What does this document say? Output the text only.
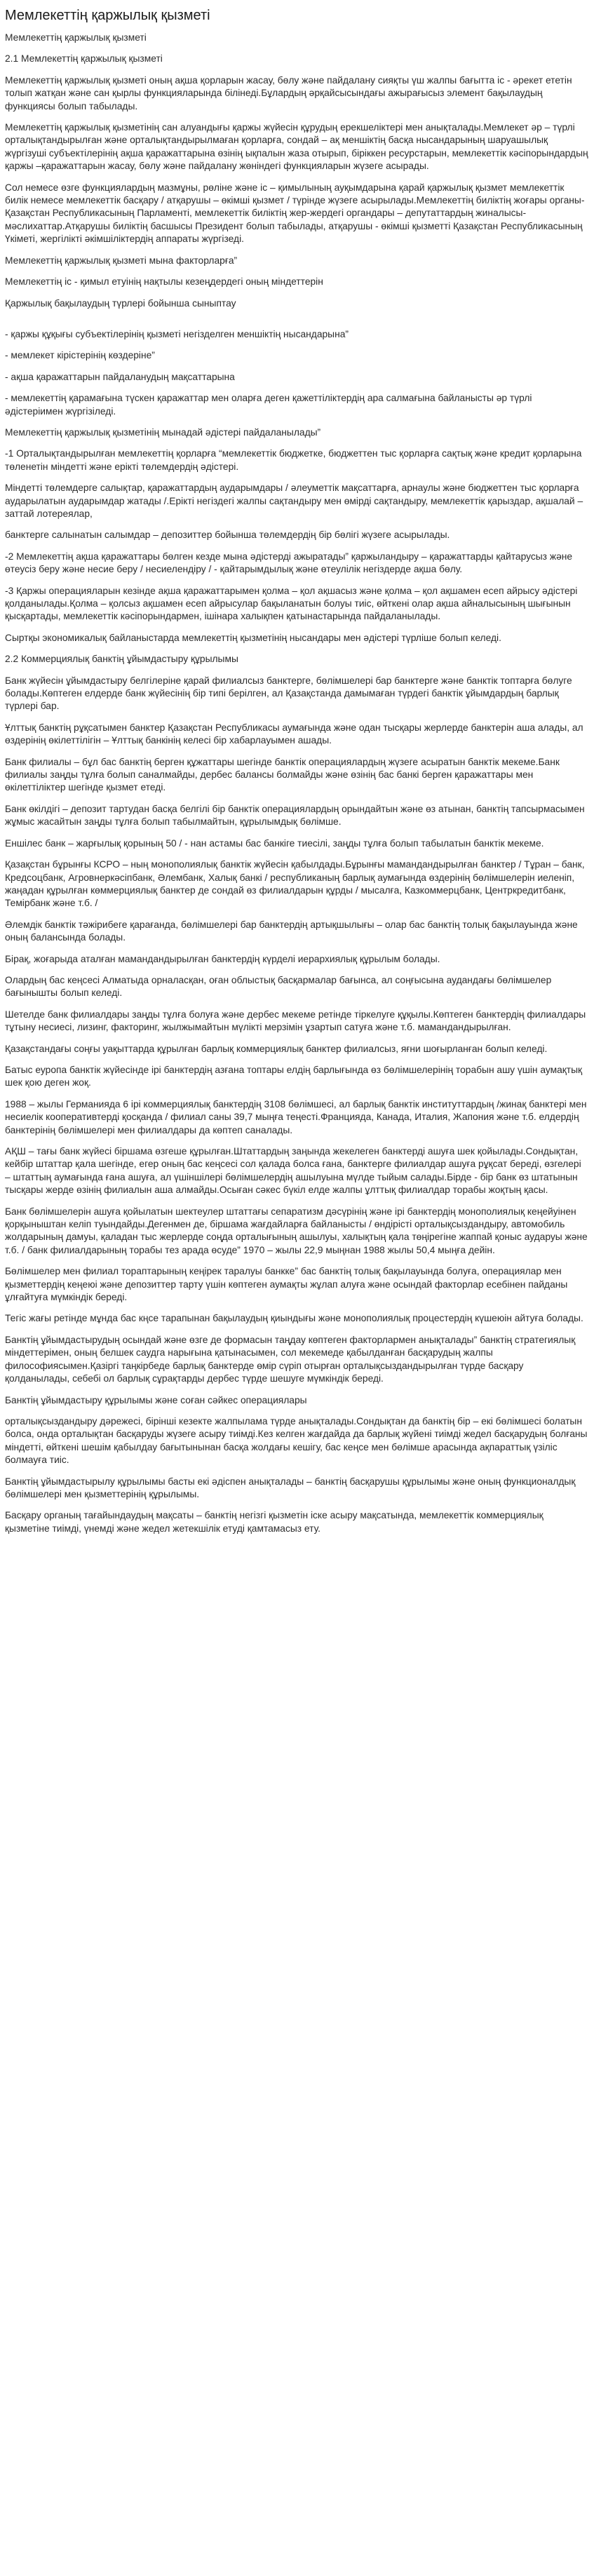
Мемлекеттің қаржылық қызметі

Мемлекеттің қаржылық қызметі

2.1 Мемлекеттің қаржылық қызметі

Мемлекеттің қаржылық қызметі оның ақша қорларын жасау, бөлу және пайдалану сияқты үш жалпы бағытта іс - әрекет ететін толып жатқан және сан қырлы функцияларында білінеді.Бұлардың әрқайсысындағы ажырағысыз элемент бақылаудың функциясы болып табылады.

Мемлекеттің қаржылық қызметінің сан алуандығы қаржы жүйесін құрудың ерекшеліктері мен анықталады.Мемлекет әр – түрлі орталықтандырылған және орталықтандырылмаған қорларға, сондай – ақ меншіктің басқа нысандарының шаруашылық жүргізуші субъектілерінің ақша қаражаттарына өзінің ықпалын жаза отырып, біріккен ресурстарын, мемлекеттік кәсіпорындардың қаржы –қаражаттарын жасау, бөлу және пайдалану жөніндегі функцияларын жүзеге асырады.

Сол немесе өзге функциялардың мазмұны, рөліне және іс – қимылының ауқымдарына қарай қаржылық қызмет мемлекеттік билік немесе мемлекеттік басқару / атқарушы – өкімші қызмет / түрінде жүзеге асырылады.Мемлекеттің биліктің жоғары органы-Қазақстан Республикасының Парламенті, мемлекеттік биліктің жер-жердегі органдары – депутаттардың жиналысы-мәслихаттар.Атқарушы биліктің басшысы Президент болып табылады, атқарушы - өкімші қызметті Қазақстан Республикасының Үкіметі, жергілікті әкімшіліктердің аппараты жүргізеді.

Мемлекеттің қаржылық қызметі мына факторларға”

Мемлекеттің іс - қимыл етуінің нақтылы кезеңдердегі оның міндеттерін

Қаржылық бақылаудың түрлері бойынша сыныптау

- қаржы құқығы субъектілерінің қызметі негізделген меншіктің нысандарына”

- мемлекет кірістерінің көздеріне”

- ақша қаражаттарын пайдаланудың мақсаттарына

- мемлекеттің қарамағына түскен қаражаттар мен оларға деген қажеттіліктердің ара салмағына байланысты әр түрлі әдістеріимен жүргізіледі.

Мемлекеттің қаржылық қызметінің мынадай әдістері пайдаланылады”

-1 Орталықтандырылған мемлекеттің қорларға “мемлекеттік бюджетке, бюджеттен тыс қорларға сақтық және кредит қорларына төленетін міндетті және ерікті төлемдердің әдістері.

Міндетті төлемдерге салықтар, қаражаттардың аударымдары / әлеуметтік мақсаттарға, арнаулы және бюджеттен тыс қорларға аударылатын аударымдар жатады /.Ерікті негіздегі жалпы сақтандыру мен өмірді сақтандыру, мемлекеттік қарыздар, ақшалай – заттай лотереялар,

банктерге салынатын салымдар – депозиттер бойынша төлемдердің бір бөлігі жүзеге асырылады.

-2 Мемлекеттің ақша қаражаттары бөлген кезде мына әдістерді ажыратады” қаржыландыру – қаражаттарды қайтарусыз және өтеусіз беру және несие беру / несиелендіру / - қайтарымдылық және өтеулілік негіздерде ақша бөлу.

-3 Қаржы операцияларын кезінде ақша қаражаттарымен қолма – қол ақшасыз және қолма – қол ақшамен есеп айрысу әдістері қолданылады.Қолма – қолсыз ақшамен есеп айрысулар бақыланатын болуы тиіс, өйткені олар ақша айналысының шығынын қысқартады, мемлекеттік кәсіпорындармен, ішінара халықпен қатынастарында пайдаланылады.

Сыртқы экономикалық байланыстарда мемлекеттің қызметінің нысандары мен әдістері түрліше болып келеді.

2.2 Коммерциялық банктің ұйымдастыру құрылымы

Банк жүйесін ұйымдастыру белгілеріне қарай филиалсыз банктерге, бөлімшелері бар банктерге және банктік топтарға бөлуге болады.Көптеген елдерде банк жүйесінің бір типі берілген, ал Қазақстанда дамымаған түрдегі банктік ұйымдардың барлық түрлері бар.

Ұлттық банктің рұқсатымен банктер Қазақстан Республикасы аумағында және одан тысқары жерлерде банктерін аша алады, ал өздерінің өкілеттілігін – Ұлттық банкінің келесі бір хабарлауымен ашады.

Банк филиалы – бұл бас банктің берген құжаттары шегінде банктік операциялардың жүзеге асыратын банктік мекеме.Банк филиалы заңды тұлға болып саналмайды, дербес балансы болмайды және өзінің бас банкі берген қаражаттары мен өкілеттіліктер шегінде қызмет етеді.

Банк өкілдігі – депозит тартудан басқа белгілі бір банктік операциялардың орындайтын және өз атынан, банктің тапсырмасымен жұмыс жасайтын заңды тұлға болып табылмайтын, құрылымдық бөлімше.

Еншілес банк – жарғылық қорының 50 / - нан астамы бас банкіге тиесілі, заңды тұлға болып табылатын банктік мекеме.

Қазақстан бұрынғы КСРО – ның монополиялық банктік жүйесін қабылдады.Бұрынғы мамандандырылған банктер / Тұран – банк, Кредсоцбанк, Агровнеркәсіпбанк, Әлембанк, Халық банкі / республиканың барлық аумағында өздерінің бөлімшелерін иеленіп, жаңадан құрылған көммерциялық банктер де сондай өз филиалдарын құрды / мысалға, Казкоммерцбанк, Центркредитбанк, Темірбанк және т.б. /

Әлемдік банктік тәжірибеге қарағанда, бөлімшелері бар банктердің артықшылығы – олар бас банктің толық бақылауында және оның балансында болады.

Бірақ, жоғарыда аталған мамандандырылған банктердің күрделі иерархиялық құрылым болады.

Олардың бас кеңсесі Алматыда орналасқан, оған облыстық басқармалар бағынса, ал соңғысына аудандағы бөлімшелер бағынышты болып келеді.

Шетелде банк филиалдары заңды тұлға болуға және дербес мекеме ретінде тіркелуге құқылы.Көптеген банктердің филиалдары тұтыну несиесі, лизинг, факторинг, жылжымайтын мүлікті мерзімін ұзартып сатуға және т.б. мамандандырылған.

Қазақстандағы соңғы уақыттарда құрылған барлық коммерциялық банктер филиалсыз, яғни шоғырланған болып келеді.

Батыс еуропа банктік жүйесінде ірі банктердің азғана топтары елдің барлығында өз бөлімшелерінің торабын ашу үшін аумақтық шек қою деген жоқ.

1988 – жылы Германияда 6 ірі коммерциялық банктердің 3108 бөлімшесі, ал барлық банктік институттардың /жинақ банктері мен несиелік кооперативтерді қосқанда / филиал саны 39,7 мыңға теңесті.Францияда, Канада, Италия, Жапония және т.б. елдердің банктерінің бөлімшелері мен филиалдары да көптеп саналады.

АҚШ – тағы банк жүйесі біршама өзгеше құрылған.Штаттардың заңында жекелеген банктерді ашуға шек қойылады.Сондықтан, кейбір штаттар қала шегінде, егер оның бас кеңсесі сол қалада болса ғана, банктерге филиалдар ашуға рұқсат береді, өзгелері – штаттың аумағында ғана ашуға, ал үшіншілері бөлімшелердің ашылуына мүлде тыйым салады.Бірде - бір банк өз штатынын тысқары жерде өзінің филиалын аша алмайды.Осыған сәкес бүкіл елде жалпы ұлттық филиалдар торабы жоқтың қасы.

Банк бөлімшелерін ашуға қойылатын шектеулер штаттағы сепаратизм дәсүрінің және ірі банктердің монополиялық кеңейуінен қорқыныштан келіп туындайды.Дегенмен де, біршама жағдайларға байланысты / өндірісті орталықсыздандыру, автомобиль жолдарының дамуы, қаладан тыс жерлерде соңда орталығының ашылуы, халықтың қала төңірегіне жаппай қоныс аударуы және т.б. / банк филиалдарының торабы тез арада өсуде” 1970 – жылы 22,9 мыңнан 1988 жылы 50,4 мыңға дейін.

Бөлімшелер мен филиал тораптарының кеңірек таралуы банкке” бас банктің толық бақылауында болуға, операциялар мен қызметтердің кеңеюі және депозиттер тарту үшін көптеген аумақты жұлап алуға және осындай факторлар есебінен пайданы ұлғайтуға мүмкіндік береді.

Тегіс жағы ретінде мұнда бас кңсе тарапынан бақылаудың қиындығы және монополиялық процестердің күшеюін айтуға болады.

Банктің ұйымдастырудың осындай және өзге де формасын таңдау көптеген факторлармен анықталады” банктің стратегиялық міндеттерімен, оның белшек саудга нарығына қатынасымен, сол мекемеде қабылданған басқарудың жалпы философиясымен.Қазіргі таңкірбеде барлық банктерде өмір сүріп отырған орталықсыздандырылған түрде басқару қолданылады, себебі ол барлық сұрақтарды дербес түрде шешуге мүмкіндік береді.

Банктің ұйымдастыру құрылымы және соған сәйкес операциялары

орталықсыздандыру дәрежесі, бірінші кезекте жалпылама түрде анықталады.Сондықтан да банктің бір – екі бөлімшесі болатын болса, онда орталықтан басқаруды жүзеге асыру тиімді.Кез келген жағдайда да барлық жүйені тиімді жедел басқарудың болғаны міндетті, өйткені шешім қабылдау бағытынынан басқа жолдағы кешігу, бас кеңсе мен бөлімше арасында ақпараттық үзіліс болмауға тиіс.

Банктің ұйымдастырылу құрылымы басты екі әдіспен анықталады – банктің басқарушы құрылымы және оның функционалдық бөлімшелері мен қызметтерінің құрылымы.

Басқару органың тағайындаудың мақсаты – банктің негізгі қызметін іске асыру мақсатында, мемлекеттік коммерциялық қызметіне тиімді, үнемді және жедел жетекшілік етуді қамтамасыз ету.
